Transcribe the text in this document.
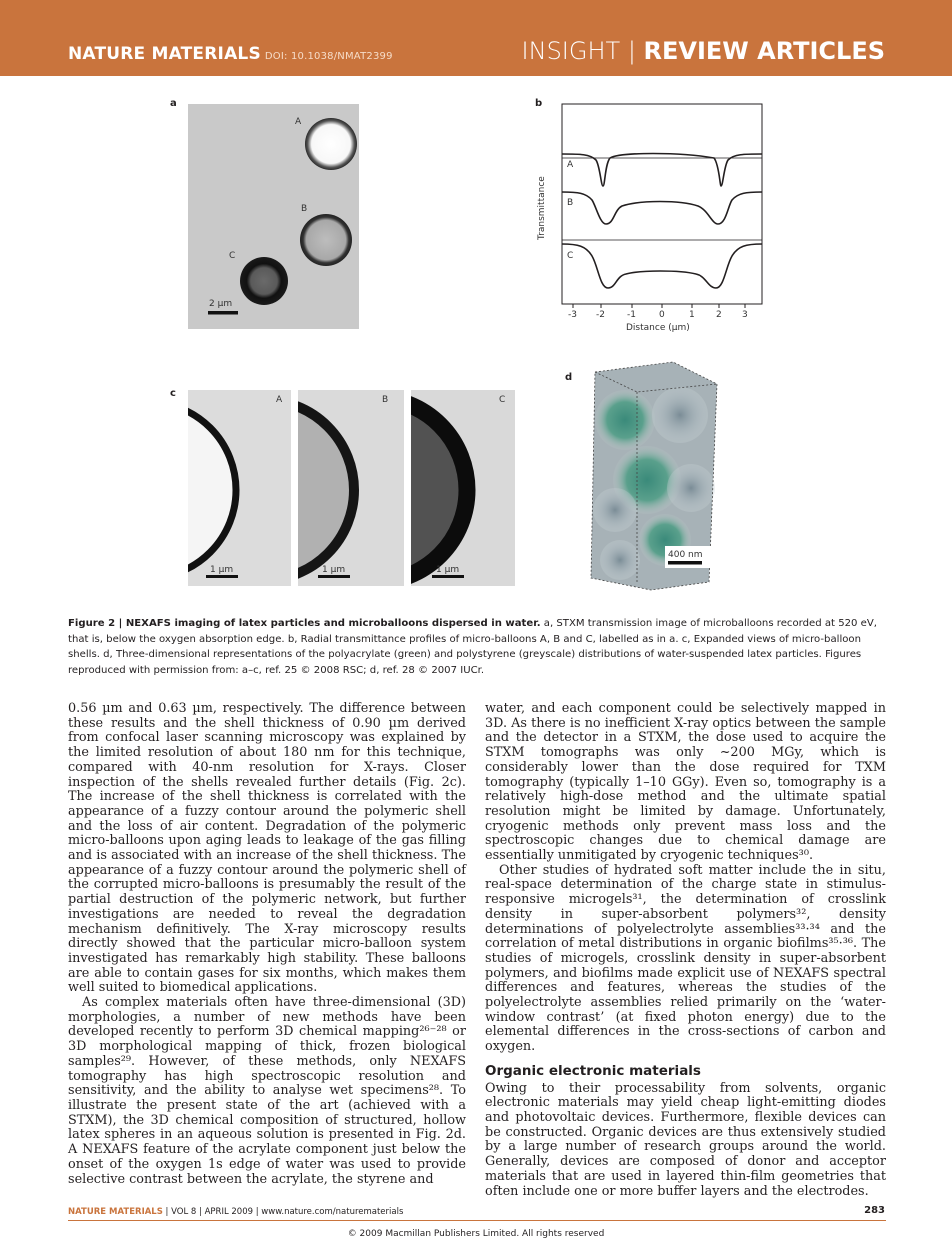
NATURE MATERIALS DOI: 10.1038/NMAT2399	INSIGHT | REVIEW ARTICLES
a
A
B
C
2 µm
b
A
B
C
Transmittance
-3 -2 -1	0	1 2 3
Distance (µm)
c
A
1 µm
B
1 µm
C
1 µm
d
400 nm
Figure 2 | NEXAFS imaging of latex particles and microballoons dispersed in water. a, STXM transmission image of microballoons recorded at 520 eV, that is, below the oxygen absorption edge. b, Radial transmittance profiles of micro-balloons A, B and C, labelled as in a. c, Expanded views of micro-balloon shells. d, Three-dimensional representations of the polyacrylate (green) and polystyrene (greyscale) distributions of water-suspended latex particles. Figures reproduced with permission from: a–c, ref. 25 © 2008 RSC; d, ref. 28 © 2007 IUCr.

0.56 µm and 0.63 µm, respectively. The difference between these results and the shell thickness of 0.90 µm derived from confocal laser scanning microscopy was explained by the limited resolution of about 180 nm for this technique, compared with 40-nm resolution for X-rays. Closer inspection of the shells revealed further details (Fig. 2c). The increase of the shell thickness is correlated with the appearance of a fuzzy contour around the polymeric shell and the loss of air content. Degradation of the polymeric micro-balloons upon aging leads to leakage of the gas filling and is associated with an increase of the shell thickness. The appearance of a fuzzy contour around the polymeric shell of the corrupted micro-balloons is presumably the result of the partial destruction of the polymeric network, but further investigations are needed to reveal the degradation mechanism definitively. The X-ray microscopy results directly showed that the particular micro-balloon system investigated has remarkably high stability. These balloons are able to contain gases for six months, which makes them well suited to biomedical applications.

As complex materials often have three-dimensional (3D) morphologies, a number of new methods have been developed recently to perform 3D chemical mapping²⁶⁻²⁸ or 3D morphological mapping of thick, frozen biological samples²⁹. However, of these methods, only NEXAFS tomography has high spectroscopic resolution and sensitivity, and the ability to analyse wet specimens²⁸. To illustrate the present state of the art (achieved with a STXM), the 3D chemical composition of structured, hollow latex spheres in an aqueous solution is presented in Fig. 2d. A NEXAFS feature of the acrylate component just below the onset of the oxygen 1s edge of water was used to provide selective contrast between the acrylate, the styrene and

water, and each component could be selectively mapped in 3D. As there is no inefficient X-ray optics between the sample and the detector in a STXM, the dose used to acquire the STXM tomographs was only ~200 MGy, which is considerably lower than the dose required for TXM tomography (typically 1–10 GGy). Even so, tomography is a relatively high-dose method and the ultimate spatial resolution might be limited by damage. Unfortunately, cryogenic methods only prevent mass loss and the spectroscopic changes due to chemical damage are essentially unmitigated by cryogenic techniques³⁰.

Other studies of hydrated soft matter include the in situ, real-space determination of the charge state in stimulus-responsive microgels³¹, the determination of crosslink density in super-absorbent polymers³², density determinations of polyelectrolyte assemblies³³·³⁴ and the correlation of metal distributions in organic biofilms³⁵·³⁶. The studies of microgels, crosslink density in super-absorbent polymers, and biofilms made explicit use of NEXAFS spectral differences and features, whereas the studies of the polyelectrolyte assemblies relied primarily on the ‘water-window contrast’ (at fixed photon energy) due to the elemental differences in the cross-sections of carbon and oxygen.

Organic electronic materials

Owing to their processability from solvents, organic electronic materials may yield cheap light-emitting diodes and photovoltaic devices. Furthermore, flexible devices can be constructed. Organic devices are thus extensively studied by a large number of research groups around the world. Generally, devices are composed of donor and acceptor materials that are used in layered thin-film geometries that often include one or more buffer layers and the electrodes.

NATURE MATERIALS | VOL 8 | APRIL 2009 | www.nature.com/naturematerials	283
© 2009 Macmillan Publishers Limited. All rights reserved
